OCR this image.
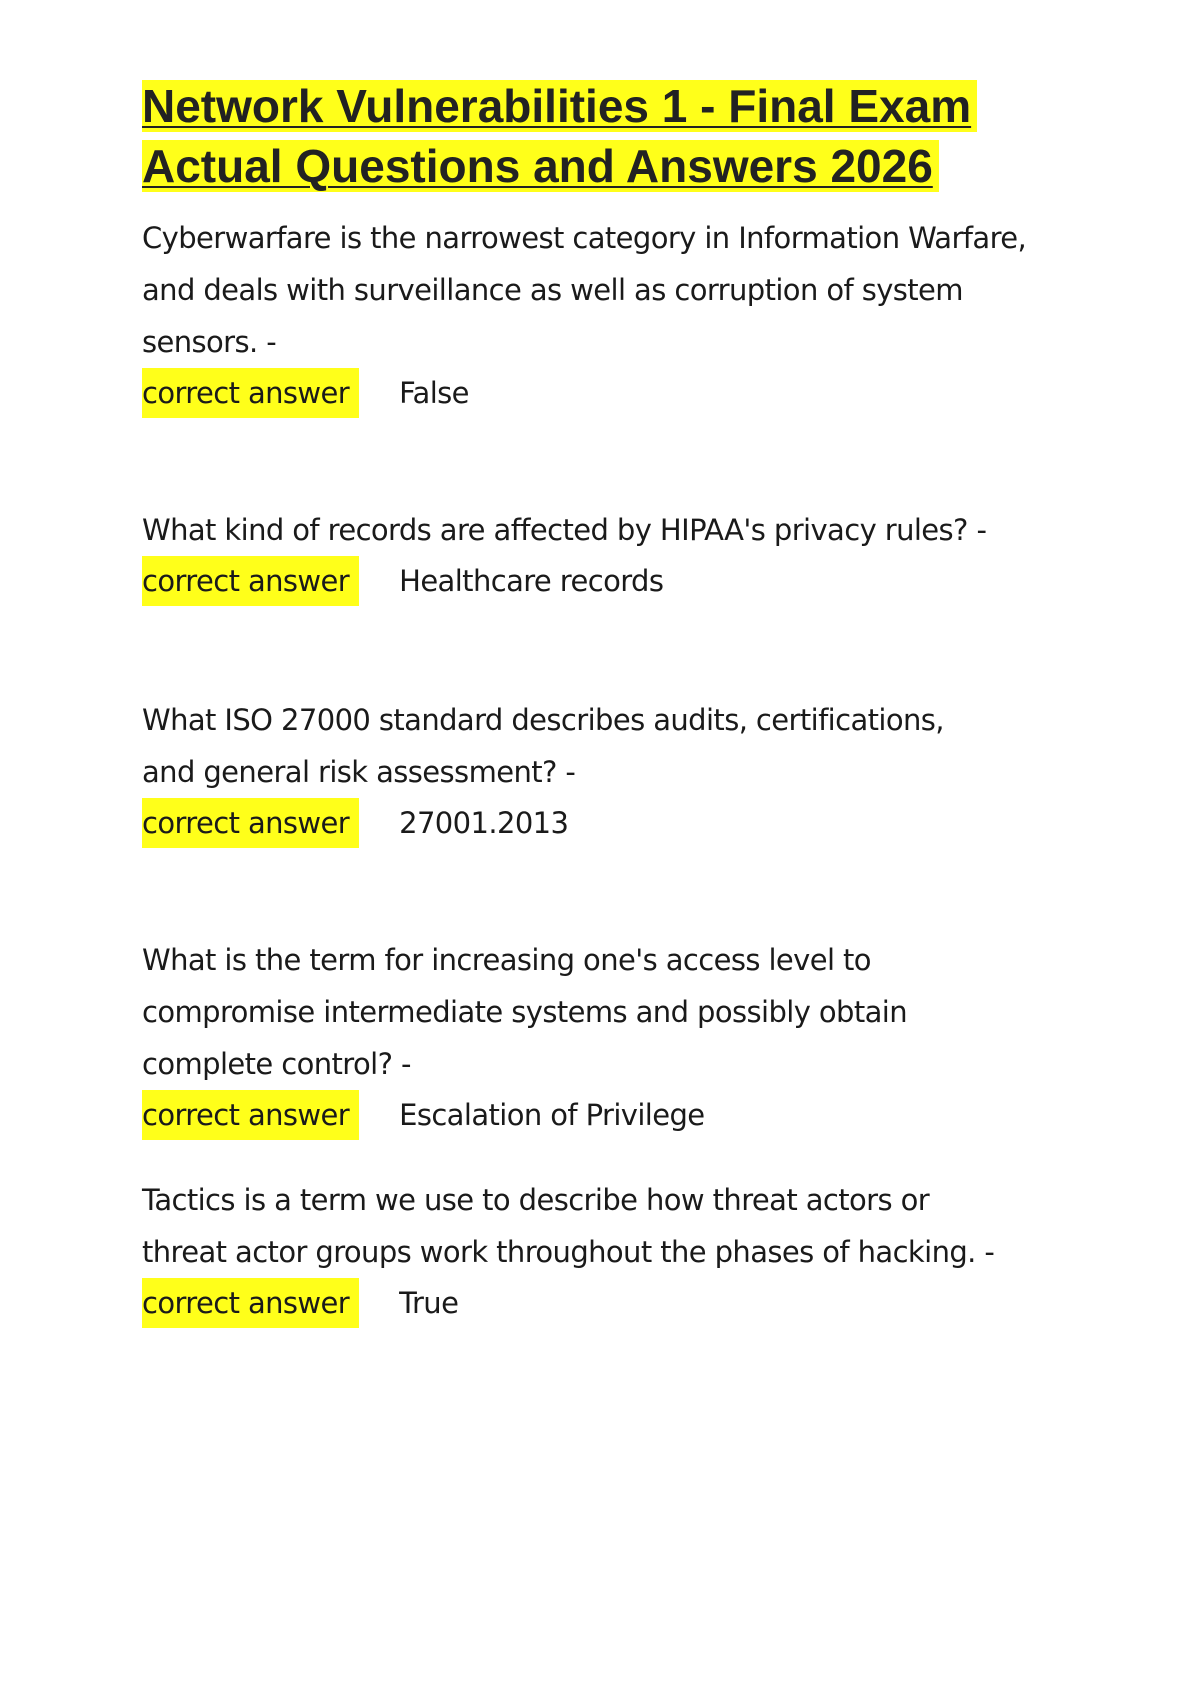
Network Vulnerabilities 1 - Final Exam
Actual Questions and Answers 2026

Cyberwarfare is the narrowest category in Information Warfare, and deals with surveillance as well as corruption of system sensors. -

correct answer	False

What kind of records are affected by HIPAA's privacy rules? -

correct answer	Healthcare records

What ISO 27000 standard describes audits, certifications, and general risk assessment? -

correct answer	27001.2013

What is the term for increasing one's access level to compromise intermediate systems and possibly obtain complete control? -

correct answer	Escalation of Privilege

Tactics is a term we use to describe how threat actors or threat actor groups work throughout the phases of hacking. -

correct answer	True
